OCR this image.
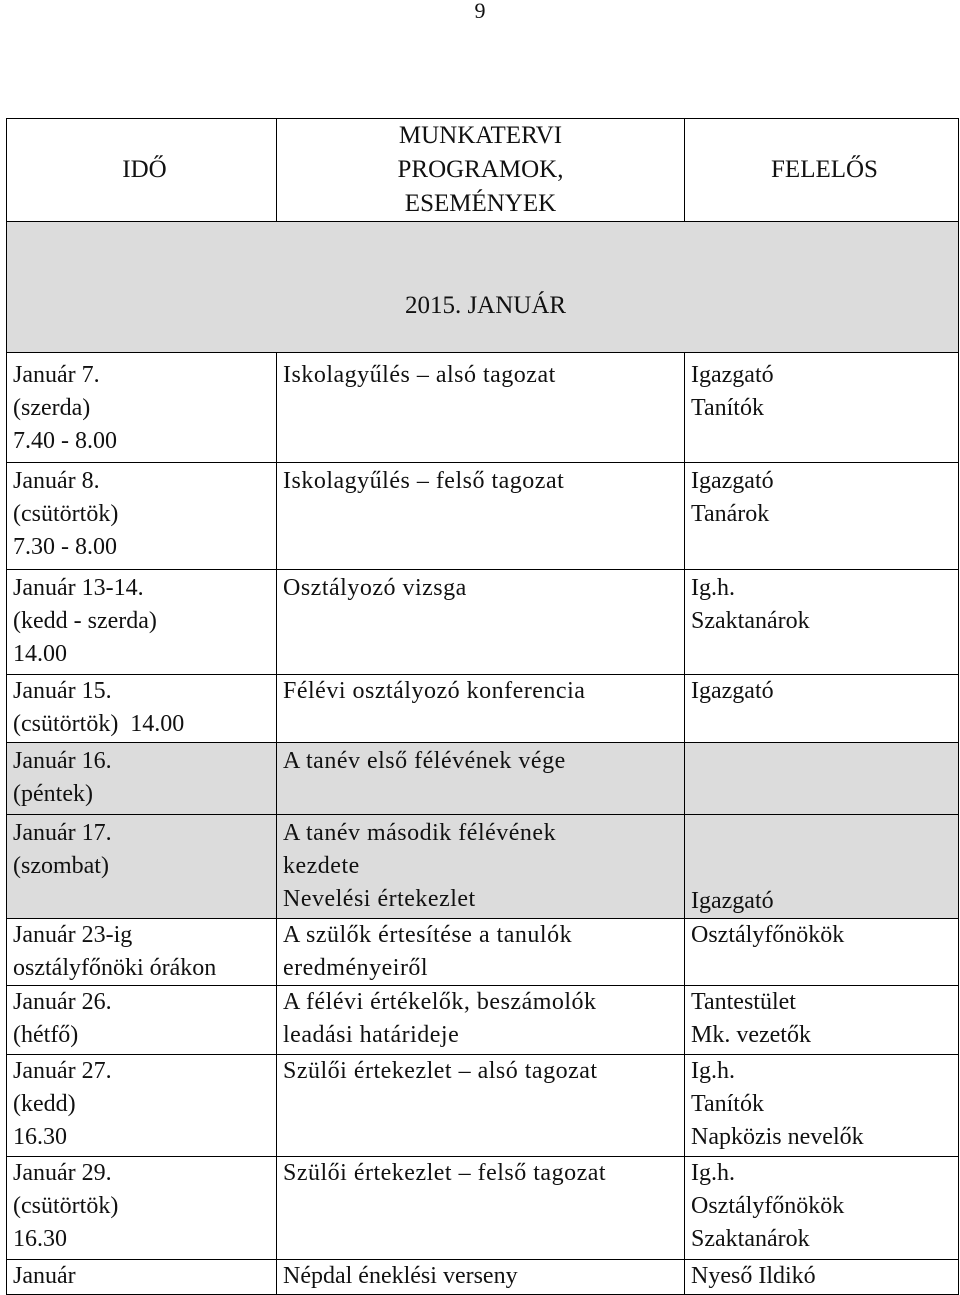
9
IDŐ	MUNKATERVI
PROGRAMOK,
ESEMÉNYEK	FELELŐS
2015. JANUÁR		

Január 7.
(szerda)
7.40 - 8.00	Iskolagyűlés – alsó tagozat	Igazgató
Tanítók

Január 8.
(csütörtök)
7.30 - 8.00	Iskolagyűlés – felső tagozat	Igazgató
Tanárok

Január 13-14.
(kedd - szerda)
14.00	Osztályozó vizsga	Ig.h.
Szaktanárok

Január 15.
(csütörtök)  14.00	Félévi osztályozó konferencia	Igazgató

Január 16.
(péntek)	A tanév első félévének vége	

Január 17.
(szombat)	A tanév második félévének
kezdete
Nevelési értekezlet	Igazgató

Január 23-ig
osztályfőnöki órákon	A szülők értesítése a tanulók
eredményeiről	Osztályfőnökök

Január 26.
(hétfő)	A félévi értékelők, beszámolók
leadási határideje	Tantestület
Mk. vezetők

Január 27.
(kedd)
16.30	Szülői értekezlet – alsó tagozat	Ig.h.
Tanítók
Napközis nevelők

Január 29.
(csütörtök)
16.30	Szülői értekezlet – felső tagozat	Ig.h.
Osztályfőnökök
Szaktanárok

Január	Népdal éneklési verseny	Nyeső Ildikó
